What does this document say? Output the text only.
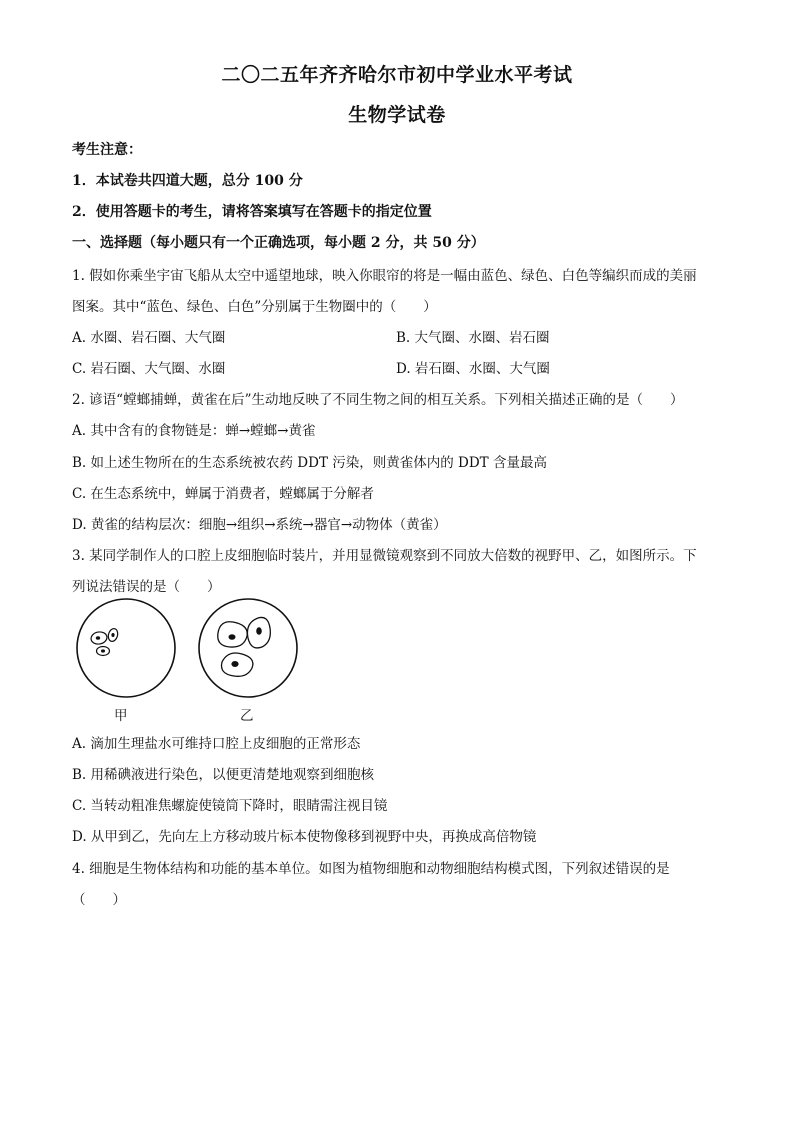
二〇二五年齐齐哈尔市初中学业水平考试
生物学试卷
考生注意：
1．本试卷共四道大题，总分 100 分
2．使用答题卡的考生，请将答案填写在答题卡的指定位置
一、选择题（每小题只有一个正确选项，每小题 2 分，共 50 分）
1. 假如你乘坐宇宙飞船从太空中遥望地球，映入你眼帘的将是一幅由蓝色、绿色、白色等编织而成的美丽
图案。其中“蓝色、绿色、白色”分别属于生物圈中的（　　）
A. 水圈、岩石圈、大气圈	B. 大气圈、水圈、岩石圈
C. 岩石圈、大气圈、水圈	D. 岩石圈、水圈、大气圈
2. 谚语“螳螂捕蝉，黄雀在后”生动地反映了不同生物之间的相互关系。下列相关描述正确的是（　　）
A. 其中含有的食物链是：蝉→螳螂→黄雀
B. 如上述生物所在的生态系统被农药 DDT 污染，则黄雀体内的 DDT 含量最高
C. 在生态系统中，蝉属于消费者，螳螂属于分解者
D. 黄雀的结构层次：细胞→组织→系统→器官→动物体（黄雀）
3. 某同学制作人的口腔上皮细胞临时装片，并用显微镜观察到不同放大倍数的视野甲、乙，如图所示。下
列说法错误的是（　　）
甲	乙
A. 滴加生理盐水可维持口腔上皮细胞的正常形态
B. 用稀碘液进行染色，以便更清楚地观察到细胞核
C. 当转动粗准焦螺旋使镜筒下降时，眼睛需注视目镜
D. 从甲到乙，先向左上方移动玻片标本使物像移到视野中央，再换成高倍物镜
4. 细胞是生物体结构和功能的基本单位。如图为植物细胞和动物细胞结构模式图，下列叙述错误的是
（　　）
